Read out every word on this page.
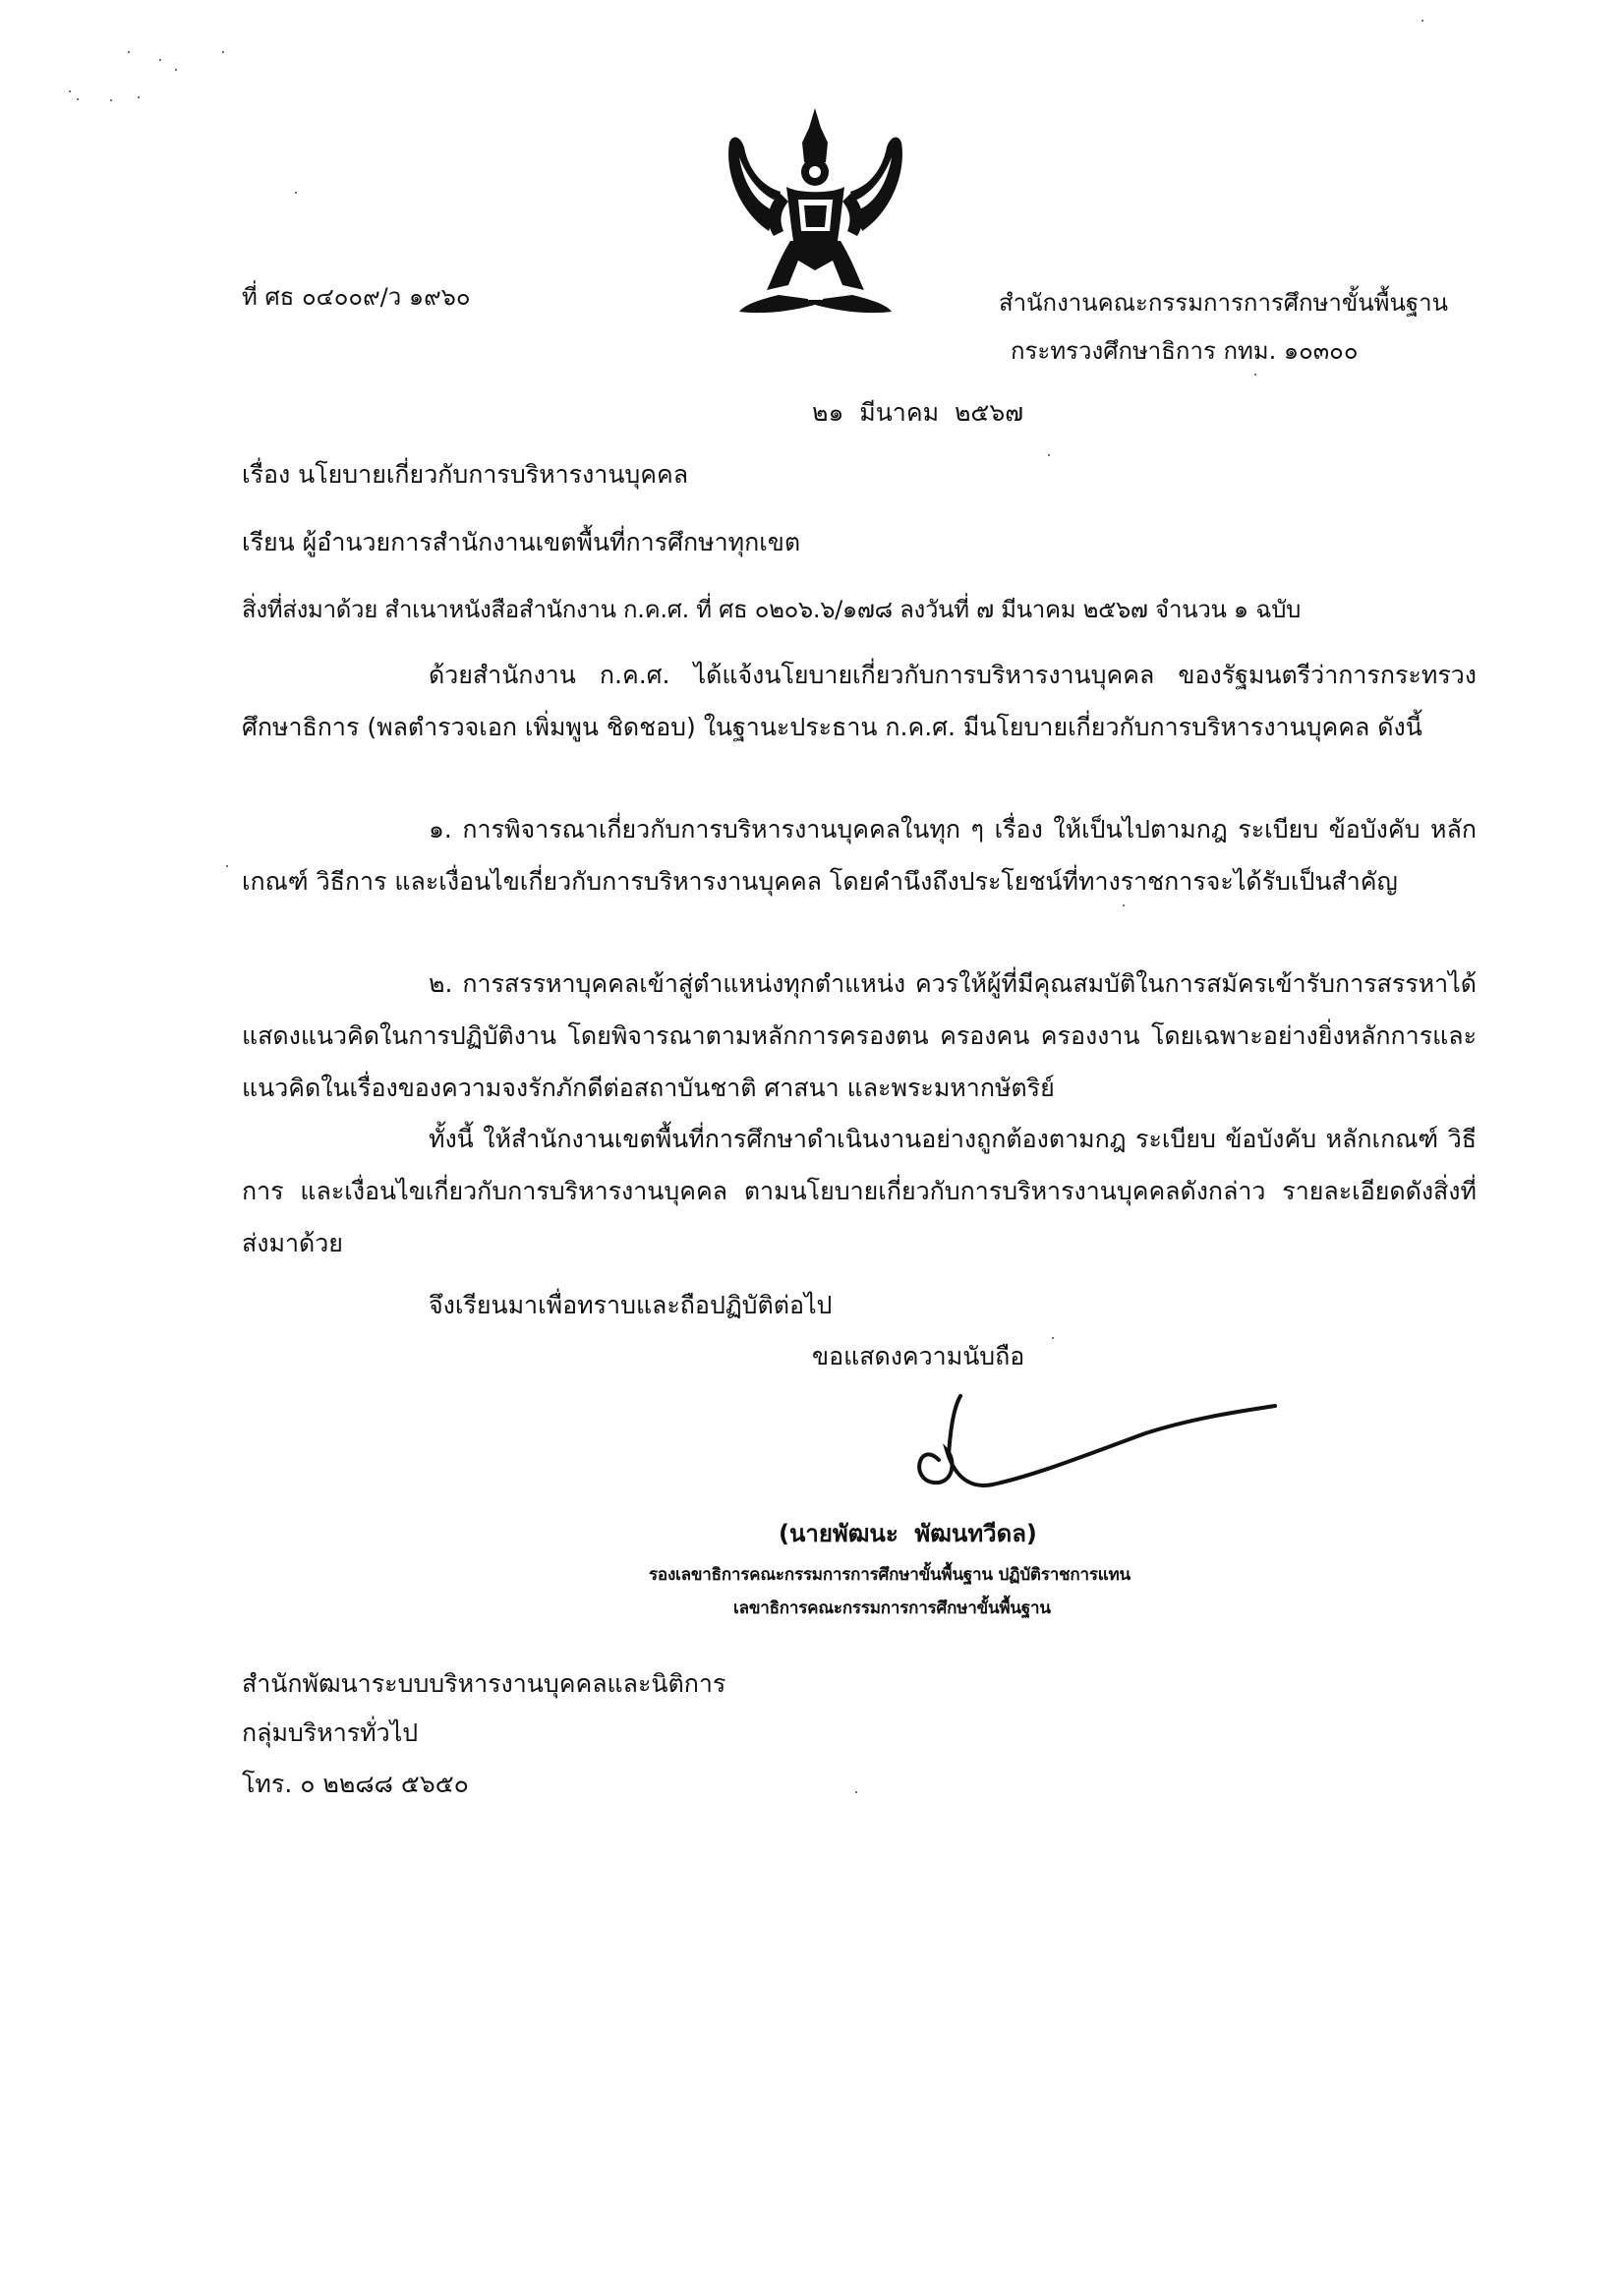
ที่ ศธ ๐๔๐๐๙/ว ๑๙๖๐	สำนักงานคณะกรรมการการศึกษาขั้นพื้นฐาน
กระทรวงศึกษาธิการ กทม. ๑๐๓๐๐
๒๑  มีนาคม  ๒๕๖๗
เรื่อง นโยบายเกี่ยวกับการบริหารงานบุคคล
เรียน ผู้อำนวยการสำนักงานเขตพื้นที่การศึกษาทุกเขต
สิ่งที่ส่งมาด้วย สำเนาหนังสือสำนักงาน ก.ค.ศ. ที่ ศธ ๐๒๐๖.๖/๑๗๘ ลงวันที่ ๗ มีนาคม ๒๕๖๗ จำนวน ๑ ฉบับ
ด้วยสำนักงาน ก.ค.ศ. ได้แจ้งนโยบายเกี่ยวกับการบริหารงานบุคคล ของรัฐมนตรีว่าการกระทรวงศึกษาธิการ (พลตำรวจเอก เพิ่มพูน ชิดชอบ) ในฐานะประธาน ก.ค.ศ. มีนโยบายเกี่ยวกับการบริหารงานบุคคล ดังนี้
๑. การพิจารณาเกี่ยวกับการบริหารงานบุคคลในทุก ๆ เรื่อง ให้เป็นไปตามกฎ ระเบียบ ข้อบังคับ หลักเกณฑ์ วิธีการ และเงื่อนไขเกี่ยวกับการบริหารงานบุคคล โดยคำนึงถึงประโยชน์ที่ทางราชการจะได้รับเป็นสำคัญ
๒. การสรรหาบุคคลเข้าสู่ตำแหน่งทุกตำแหน่ง ควรให้ผู้ที่มีคุณสมบัติในการสมัครเข้ารับการสรรหาได้แสดงแนวคิดในการปฏิบัติงาน โดยพิจารณาตามหลักการครองตน ครองคน ครองงาน โดยเฉพาะอย่างยิ่งหลักการและแนวคิดในเรื่องของความจงรักภักดีต่อสถาบันชาติ ศาสนา และพระมหากษัตริย์
ทั้งนี้ ให้สำนักงานเขตพื้นที่การศึกษาดำเนินงานอย่างถูกต้องตามกฎ ระเบียบ ข้อบังคับ หลักเกณฑ์ วิธีการ และเงื่อนไขเกี่ยวกับการบริหารงานบุคคล ตามนโยบายเกี่ยวกับการบริหารงานบุคคลดังกล่าว รายละเอียดดังสิ่งที่ส่งมาด้วย
จึงเรียนมาเพื่อทราบและถือปฏิบัติต่อไป
ขอแสดงความนับถือ
(นายพัฒนะ  พัฒนทวีดล)
รองเลขาธิการคณะกรรมการการศึกษาขั้นพื้นฐาน ปฏิบัติราชการแทน
เลขาธิการคณะกรรมการการศึกษาขั้นพื้นฐาน
สำนักพัฒนาระบบบริหารงานบุคคลและนิติการ
กลุ่มบริหารทั่วไป
โทร. ๐ ๒๒๘๘ ๕๖๕๐
